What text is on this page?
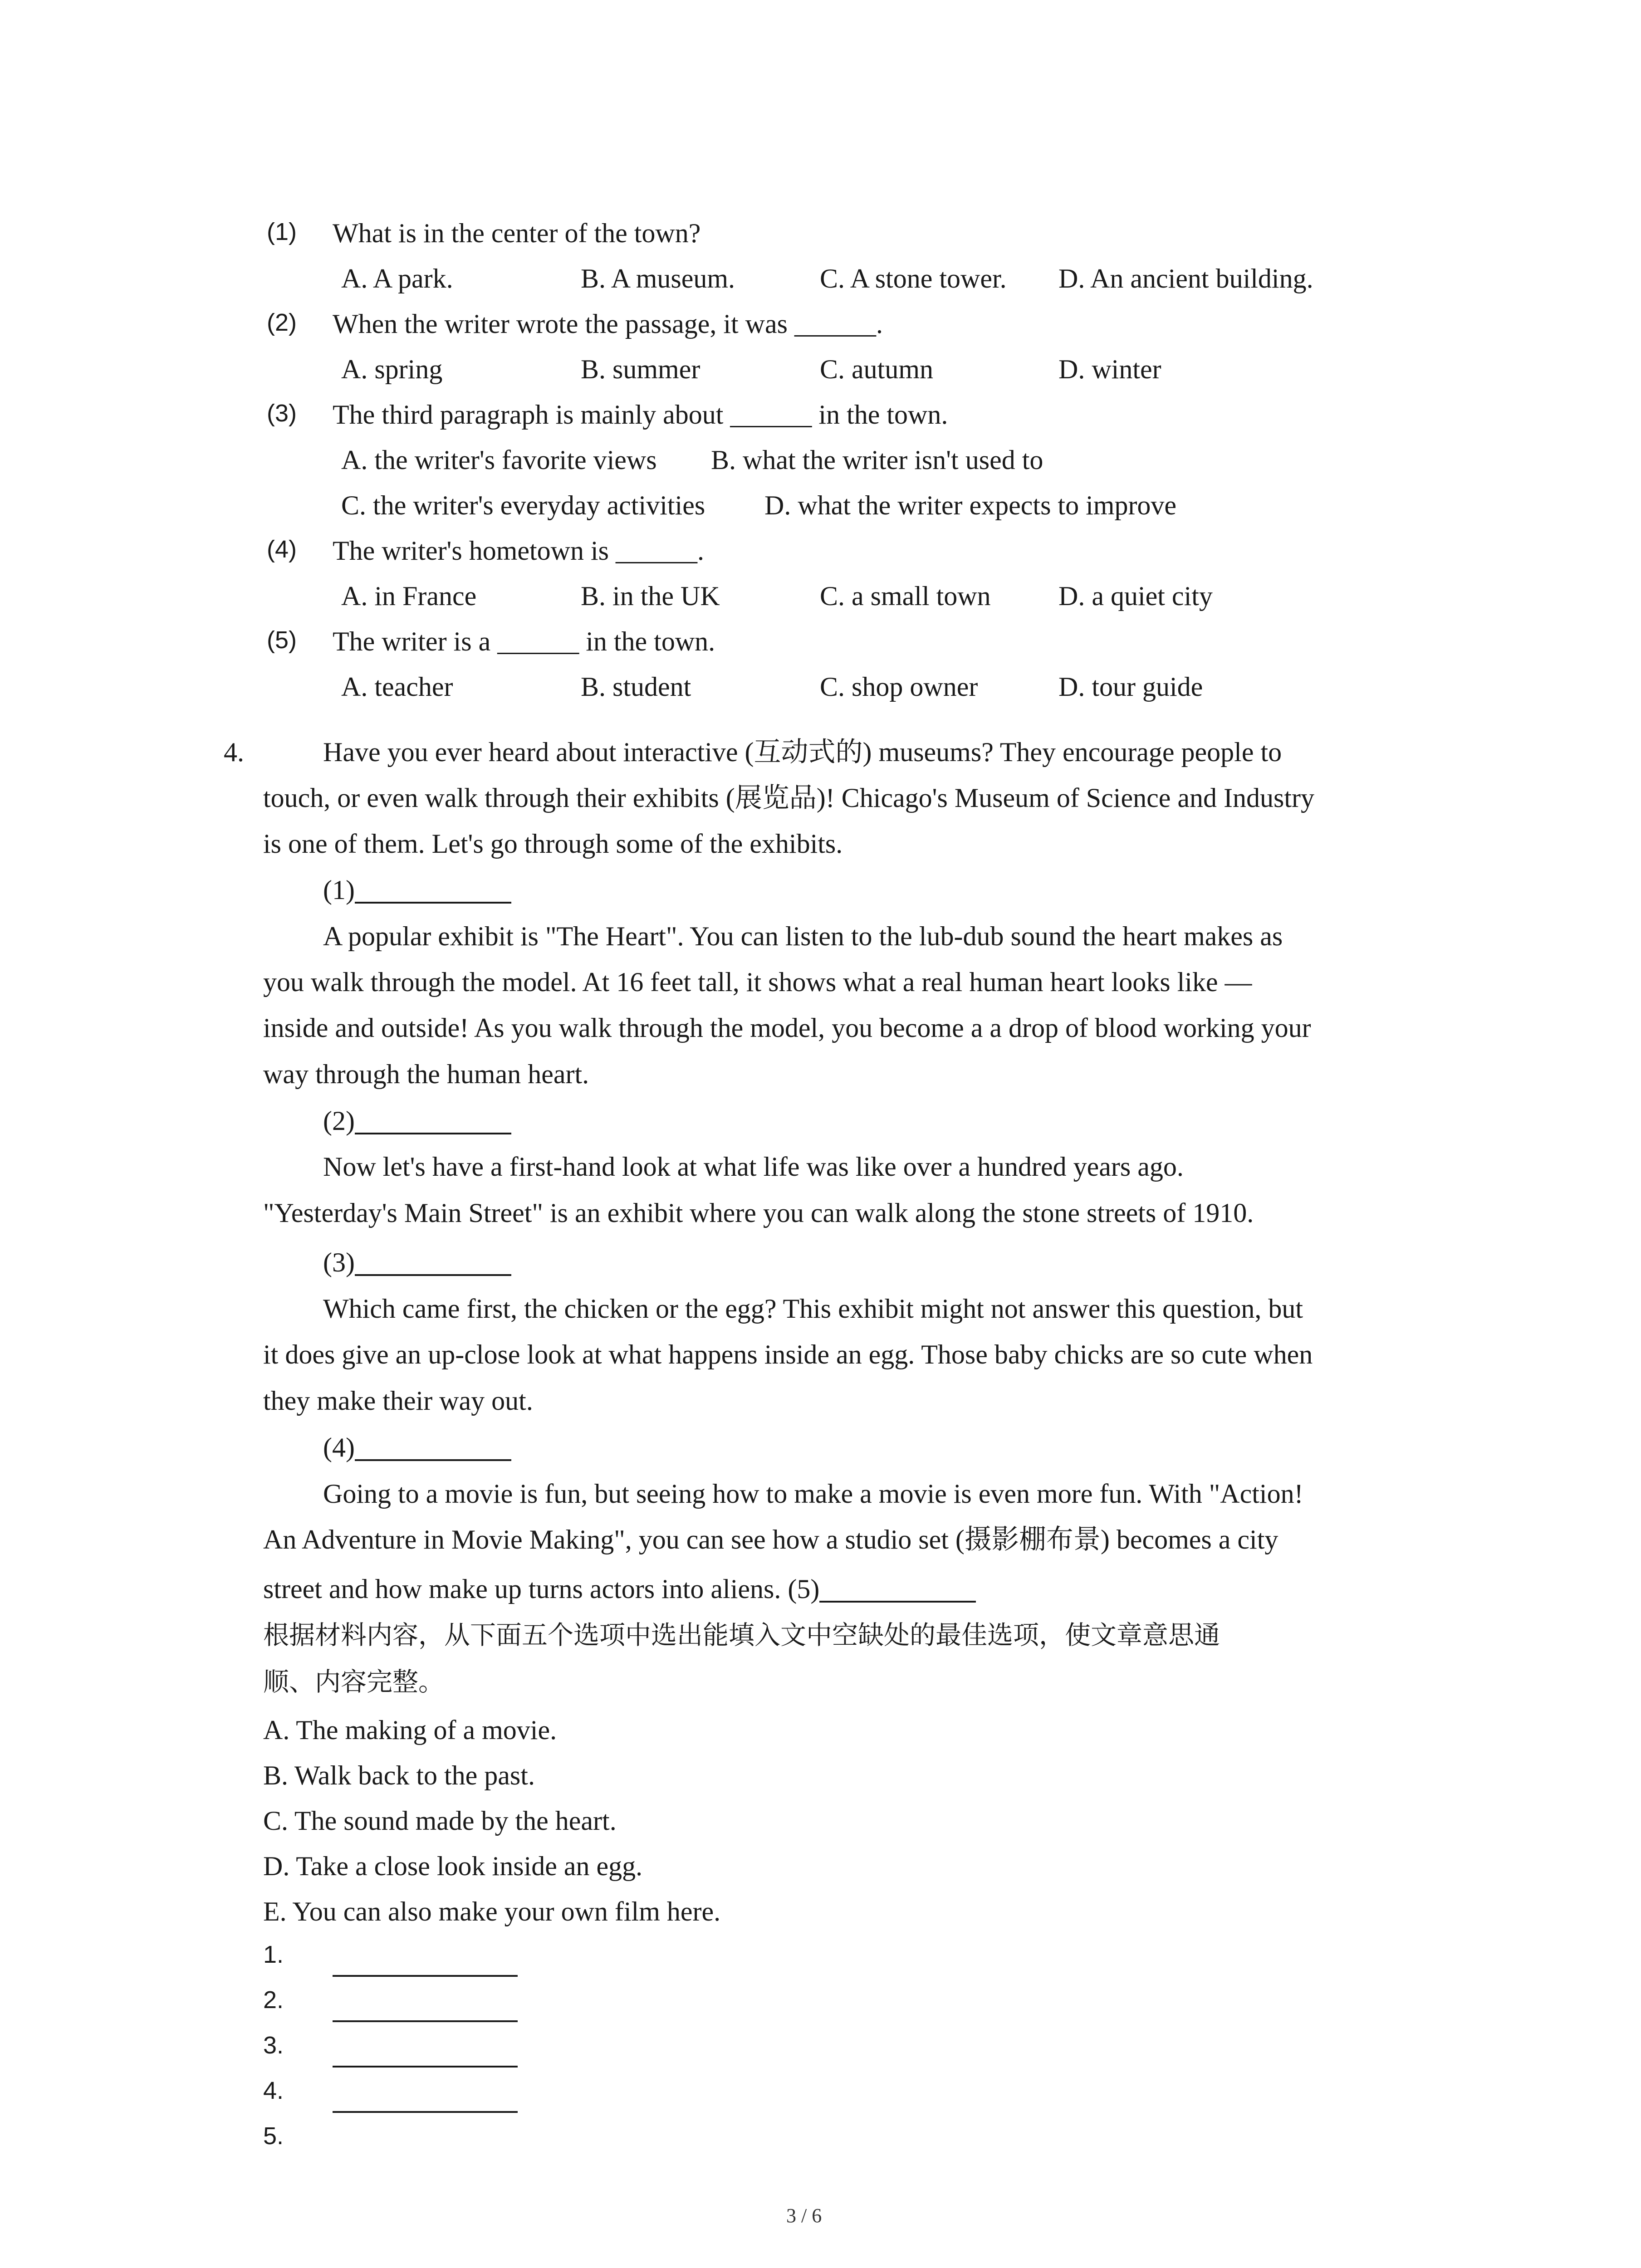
(1) What is in the center of the town?
A. A park.	B. A museum.	C. A stone tower. D. An ancient building.
(2) When the writer wrote the passage, it was ______.
A. spring	B. summer	C. autumn	D. winter
(3) The third paragraph is mainly about ______ in the town.
A. the writer's favorite views B. what the writer isn't used to
C. the writer's everyday activities D. what the writer expects to improve
(4) The writer's hometown is ______.
A. in France	B. in the UK	C. a small town D. a quiet city
(5) The writer is a ______ in the town.
A. teacher	B. student	C. shop owner	D. tour guide
4.	Have you ever heard about interactive (互动式的) museums? They encourage people to
touch, or even walk through their exhibits (展览品)! Chicago's Museum of Science and Industry
is one of them. Let's go through some of the exhibits.
(1)
A popular exhibit is "The Heart". You can listen to the lub-dub sound the heart makes as
you walk through the model. At 16 feet tall, it shows what a real human heart looks like —
inside and outside! As you walk through the model, you become a a drop of blood working your
way through the human heart.
(2)
Now let's have a first-hand look at what life was like over a hundred years ago.
"Yesterday's Main Street" is an exhibit where you can walk along the stone streets of 1910.
(3)
Which came first, the chicken or the egg? This exhibit might not answer this question, but
it does give an up-close look at what happens inside an egg. Those baby chicks are so cute when
they make their way out.
(4)
Going to a movie is fun, but seeing how to make a movie is even more fun. With "Action!
An Adventure in Movie Making", you can see how a studio set (摄影棚布景) becomes a city
street and how make up turns actors into aliens. (5)
根据材料内容，从下面五个选项中选出能填入文中空缺处的最佳选项，使文章意思通
顺、内容完整。
A. The making of a movie.
B. Walk back to the past.
C. The sound made by the heart.
D. Take a close look inside an egg.
E. You can also make your own film here.
1.
2.
3.
4.
5.
3 / 6
